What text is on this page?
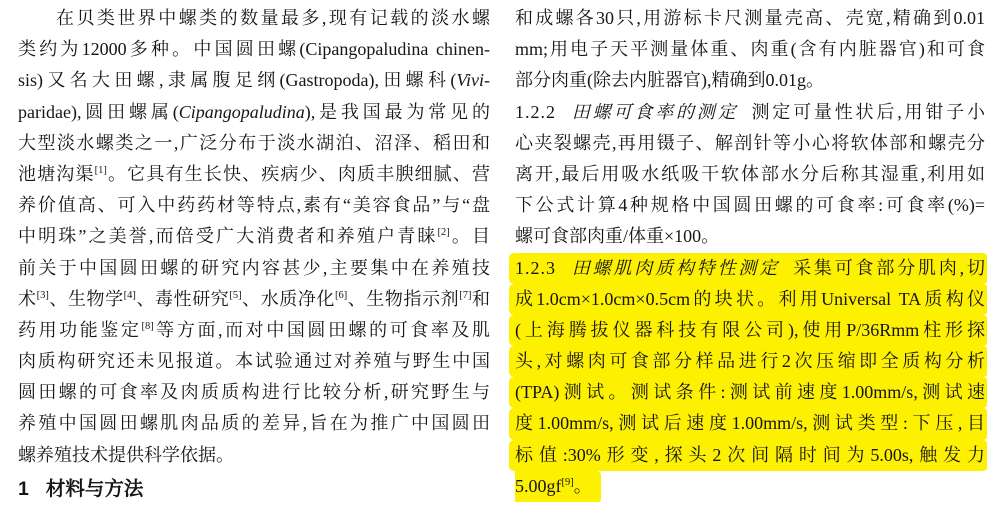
在贝类世界中螺类的数量最多,现有记载的淡水螺
类约为12000多种。中国圆田螺(Cipangopaludina chinen-
sis)又名大田螺,隶属腹足纲(Gastropoda),田螺科(Vivi-
paridae),圆田螺属(Cipangopaludina),是我国最为常见的
大型淡水螺类之一,广泛分布于淡水湖泊、沼泽、稻田和
池塘沟渠[1]。它具有生长快、疾病少、肉质丰腴细腻、营
养价值高、可入中药药材等特点,素有“美容食品”与“盘
中明珠”之美誉,而倍受广大消费者和养殖户青睐[2]。目
前关于中国圆田螺的研究内容甚少,主要集中在养殖技
术[3]、生物学[4]、毒性研究[5]、水质净化[6]、生物指示剂[7]和
药用功能鉴定[8]等方面,而对中国圆田螺的可食率及肌
肉质构研究还未见报道。本试验通过对养殖与野生中国
圆田螺的可食率及肉质质构进行比较分析,研究野生与
养殖中国圆田螺肌肉品质的差异,旨在为推广中国圆田
螺养殖技术提供科学依据。
1 材料与方法
和成螺各30只,用游标卡尺测量壳高、壳宽,精确到0.01
mm;用电子天平测量体重、肉重(含有内脏器官)和可食
部分肉重(除去内脏器官),精确到0.01g。
1.2.2 田螺可食率的测定 测定可量性状后,用钳子小
心夹裂螺壳,再用镊子、解剖针等小心将软体部和螺壳分
离开,最后用吸水纸吸干软体部水分后称其湿重,利用如
下公式计算4种规格中国圆田螺的可食率:可食率(%)=
螺可食部肉重/体重×100。
1.2.3 田螺肌肉质构特性测定 采集可食部分肌肉,切
成1.0cm×1.0cm×0.5cm的块状。利用Universal TA质构仪
(上海腾拔仪器科技有限公司),使用P/36Rmm柱形探
头,对螺肉可食部分样品进行2次压缩即全质构分析
(TPA)测试。测试条件:测试前速度1.00mm/s,测试速
度1.00mm/s,测试后速度1.00mm/s,测试类型:下压,目
标值:30%形变,探头2次间隔时间为5.00s,触发力
5.00gf[9]。
